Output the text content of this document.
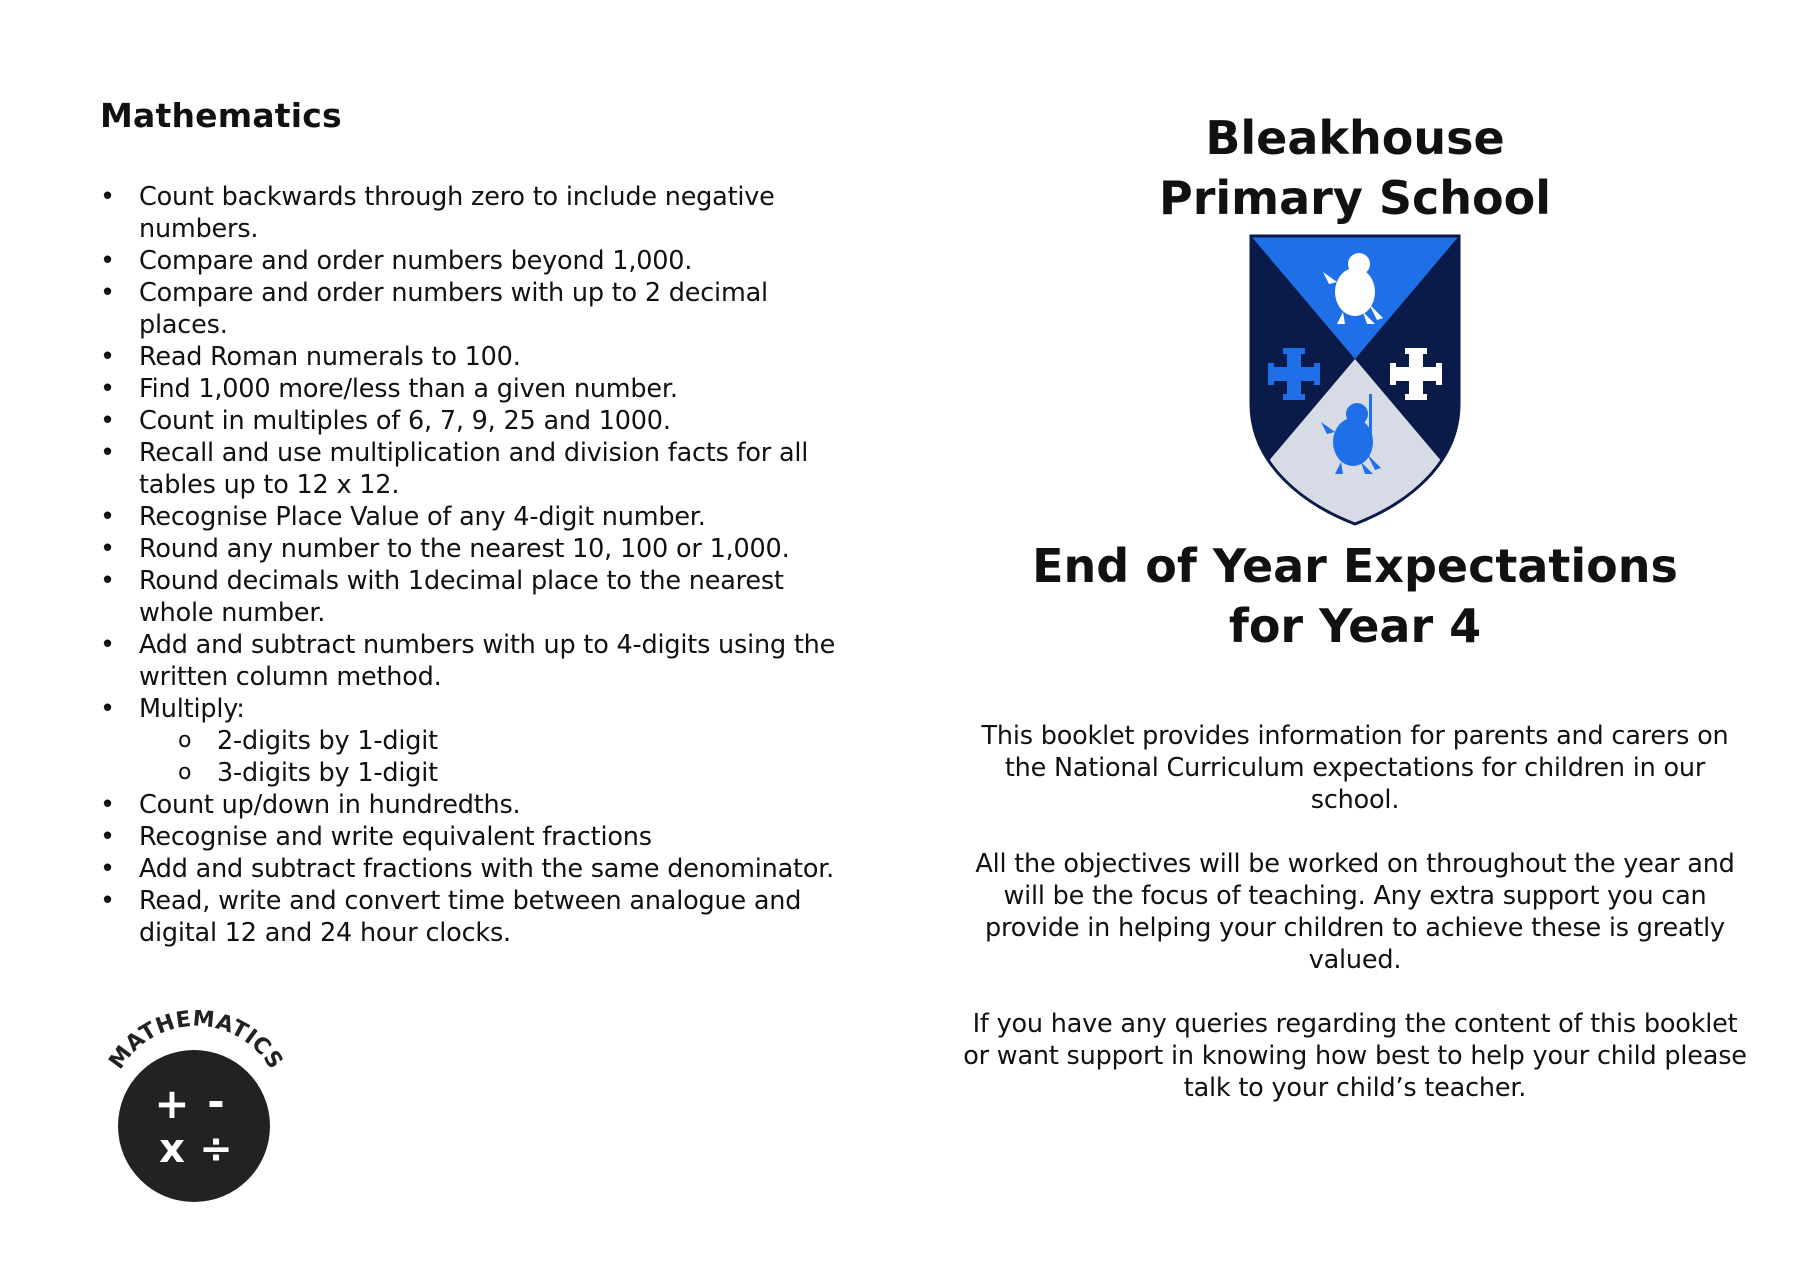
Mathematics
• Count backwards through zero to include negative numbers.
• Compare and order numbers beyond 1,000.
• Compare and order numbers with up to 2 decimal places.
• Read Roman numerals to 100.
• Find 1,000 more/less than a given number.
• Count in multiples of 6, 7, 9, 25 and 1000.
• Recall and use multiplication and division facts for all tables up to 12 x 12.
• Recognise Place Value of any 4-digit number.
• Round any number to the nearest 10, 100 or 1,000.
• Round decimals with 1decimal place to the nearest whole number.
• Add and subtract numbers with up to 4-digits using the written column method.
• Multiply:
o 2-digits by 1-digit
o 3-digits by 1-digit
• Count up/down in hundredths.
• Recognise and write equivalent fractions
• Add and subtract fractions with the same denominator.
• Read, write and convert time between analogue and digital 12 and 24 hour clocks.
MATHEMATICS
+ -
x ÷
Bleakhouse
Primary School
End of Year Expectations
for Year 4

This booklet provides information for parents and carers on the National Curriculum expectations for children in our school.

All the objectives will be worked on throughout the year and will be the focus of teaching. Any extra support you can provide in helping your children to achieve these is greatly valued.

If you have any queries regarding the content of this booklet or want support in knowing how best to help your child please talk to your child’s teacher.
